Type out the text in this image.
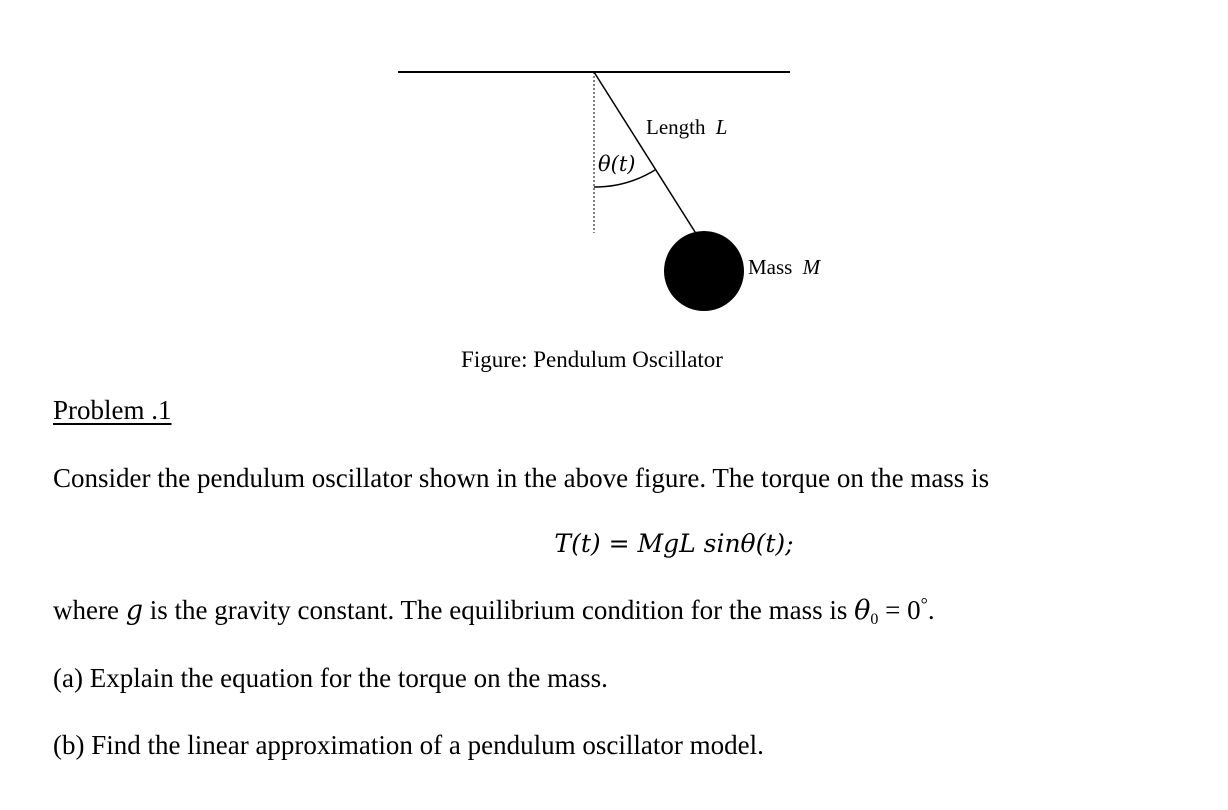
θ(t)
Length L
Mass M
Figure: Pendulum Oscillator
Problem .1
Consider the pendulum oscillator shown in the above figure. The torque on the mass is
T(t) = MgL sinθ(t);
where g is the gravity constant. The equilibrium condition for the mass is $\theta_0 = 0^\circ$.
(a) Explain the equation for the torque on the mass.
(b) Find the linear approximation of a pendulum oscillator model.
